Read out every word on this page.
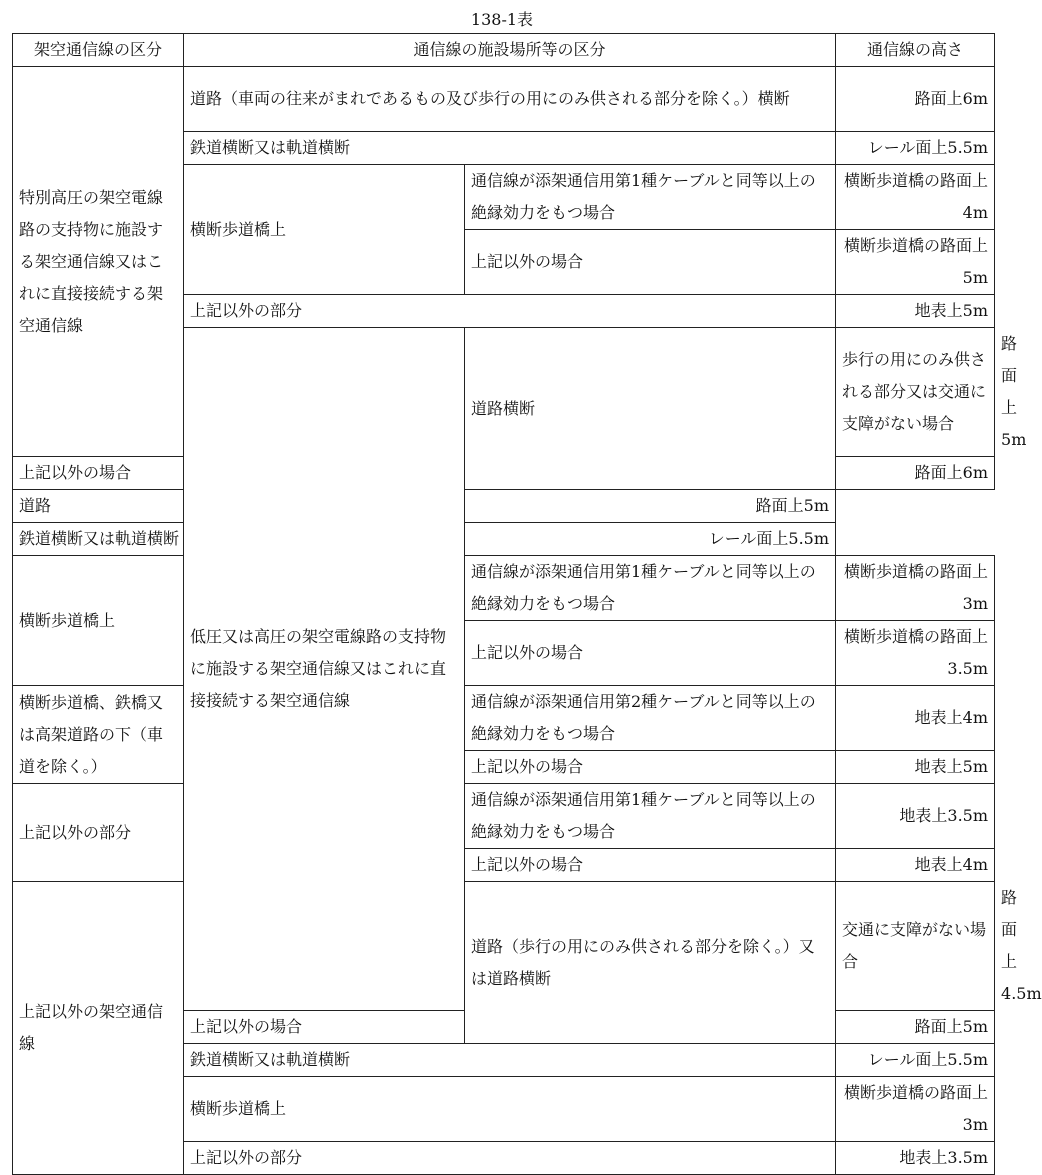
138-1表
架空通信線の区分	通信線の施設場所等の区分		通信線の高さ	
特別高圧の架空電線路の支持物に施設する架空通信線又はこれに直接接続する架空通信線	道路（車両の往来がまれであるもの及び歩行の用にのみ供される部分を除く。）横断		路面上6m	
	鉄道横断又は軌道横断		レール面上5.5m	
	横断歩道橋上	通信線が添架通信用第1種ケーブルと同等以上の絶縁効力をもつ場合	横断歩道橋の路面上4m	
		上記以外の場合	横断歩道橋の路面上5m	
	上記以外の部分		地表上5m	
	低圧又は高圧の架空電線路の支持物に施設する架空通信線又はこれに直接接続する架空通信線	道路横断	歩行の用にのみ供される部分又は交通に支障がない場合	路面上5m
上記以外の場合			路面上6m	
道路		路面上5m		
鉄道横断又は軌道横断		レール面上5.5m		
横断歩道橋上		通信線が添架通信用第1種ケーブルと同等以上の絶縁効力をもつ場合	横断歩道橋の路面上3m	
		上記以外の場合	横断歩道橋の路面上3.5m	
横断歩道橋、鉄橋又は高架道路の下（車道を除く。）		通信線が添架通信用第2種ケーブルと同等以上の絶縁効力をもつ場合	地表上4m	
		上記以外の場合	地表上5m	
上記以外の部分		通信線が添架通信用第1種ケーブルと同等以上の絶縁効力をもつ場合	地表上3.5m	
		上記以外の場合	地表上4m	
上記以外の架空通信線		道路（歩行の用にのみ供される部分を除く。）又は道路横断	交通に支障がない場合	路面上4.5m
	上記以外の場合		路面上5m	
	鉄道横断又は軌道横断		レール面上5.5m	
	横断歩道橋上		横断歩道橋の路面上3m	
	上記以外の部分		地表上3.5m	
